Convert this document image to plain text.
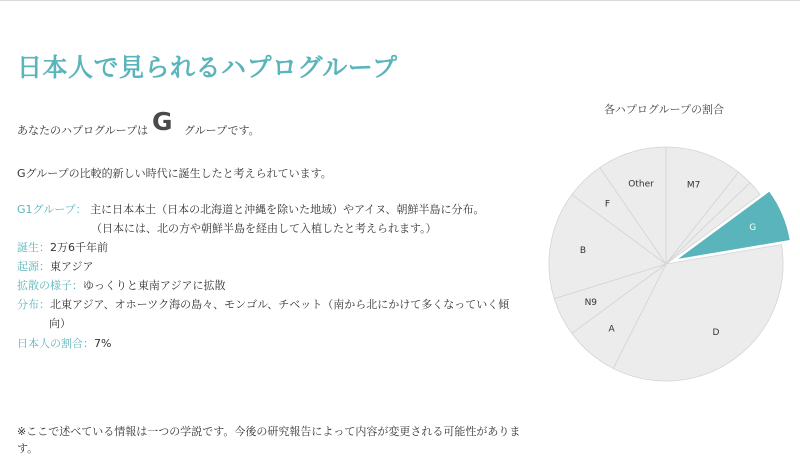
日本人で見られるハプログループ
あなたのハプログループは G グループです。
Gグループの比較的新しい時代に誕生したと考えられています。
G1グループ： 主に日本本土（日本の北海道と沖縄を除いた地域）やアイヌ、朝鮮半島に分布。
（日本には、北の方や朝鮮半島を経由して入植したと考えられます。）
誕生：2万6千年前
起源：東アジア
拡散の様子：ゆっくりと東南アジアに拡散
分布：北東アジア、オホーツク海の島々、モンゴル、チベット（南から北にかけて多くなっていく傾
向）
日本人の割合：7%
※ここで述べている情報は一つの学説です。今後の研究報告によって内容が変更される可能性がありま
す。
各ハプログループの割合
M7
G
D
A
N9
B
F
Other
